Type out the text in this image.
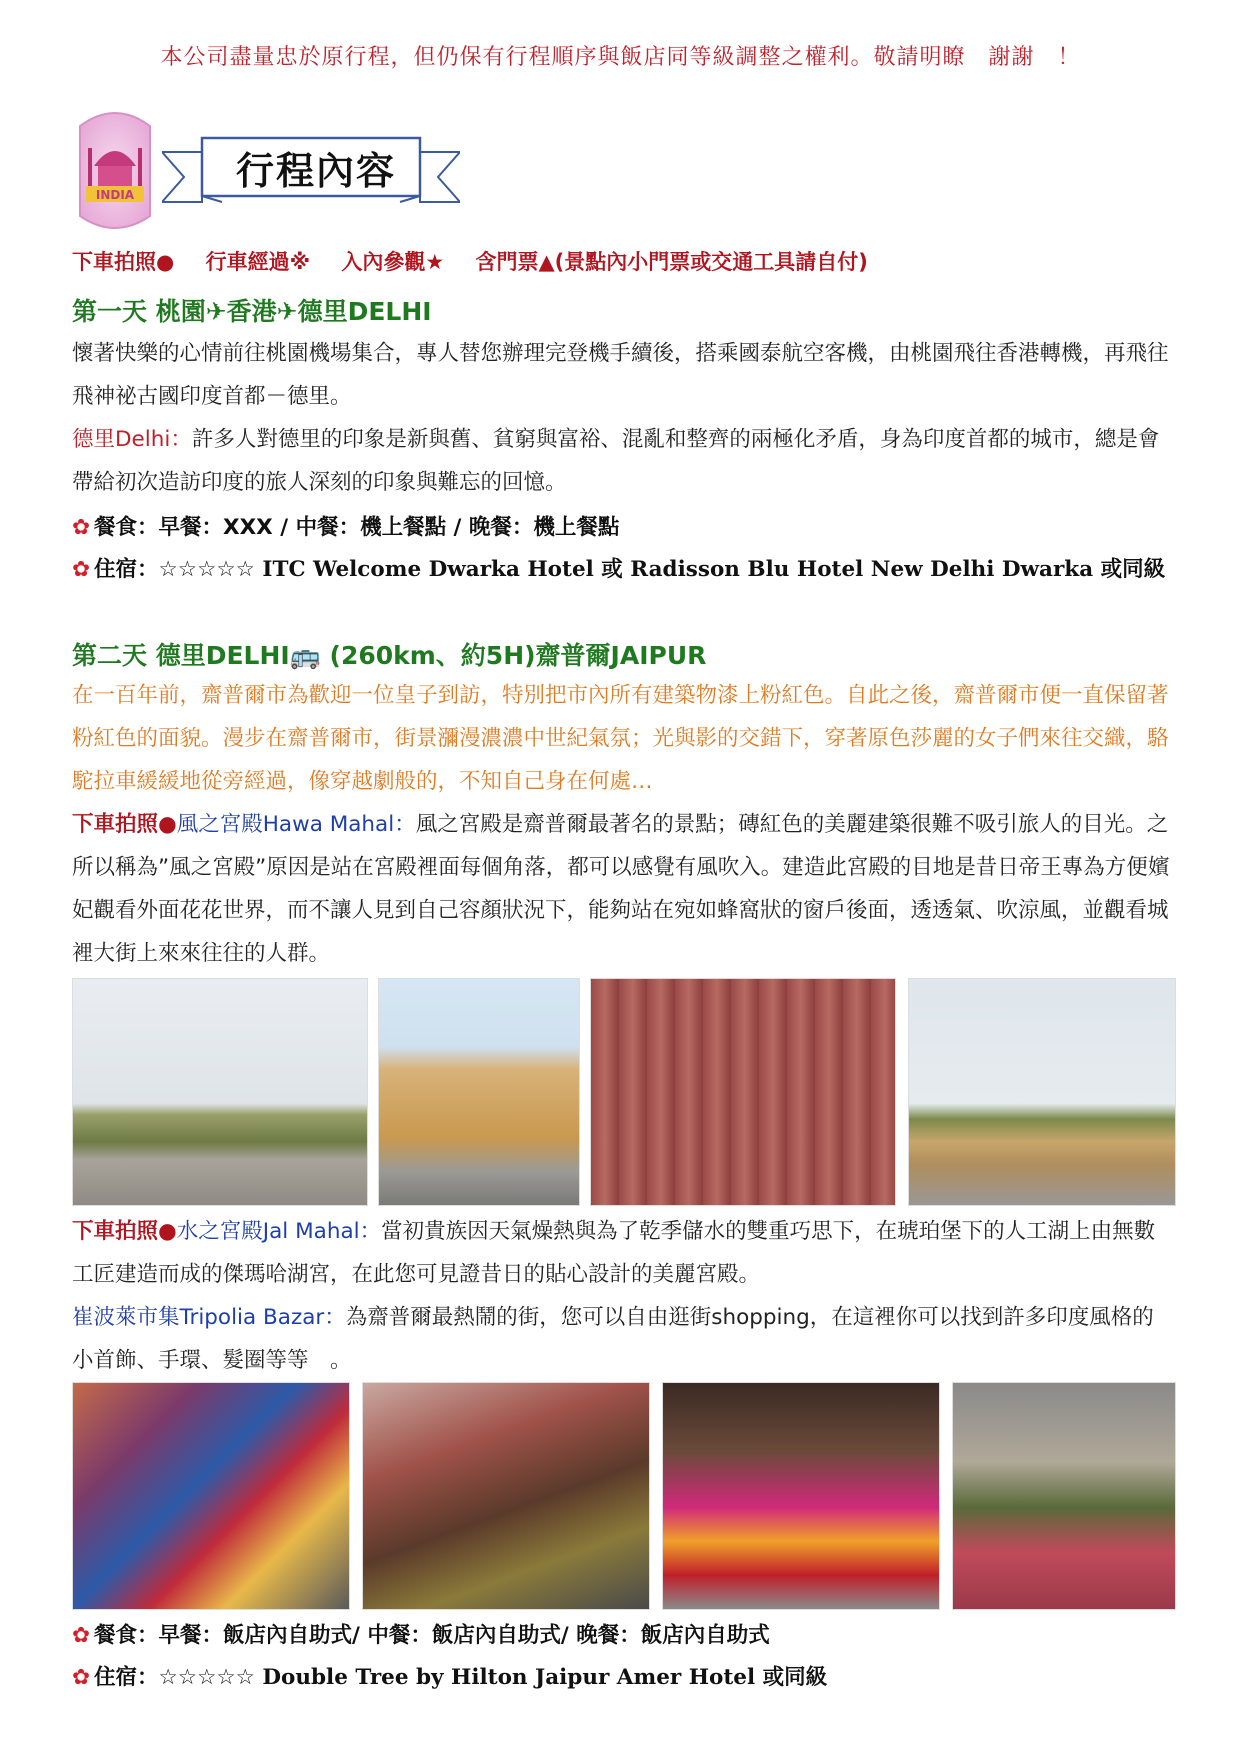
本公司盡量忠於原行程，但仍保有行程順序與飯店同等級調整之權利。敬請明瞭　謝謝　！
INDIA
行程內容
下車拍照● 行車經過※ 入內參觀★ 含門票▲(景點內小門票或交通工具請自付)
第一天 桃園✈香港✈德里DELHI
懷著快樂的心情前往桃園機場集合，專人替您辦理完登機手續後，搭乘國泰航空客機，由桃園飛往香港轉機，再飛往飛神祕古國印度首都－德里。
德里Delhi：許多人對德里的印象是新與舊、貧窮與富裕、混亂和整齊的兩極化矛盾，身為印度首都的城市，總是會帶給初次造訪印度的旅人深刻的印象與難忘的回憶。
✿ 餐食：早餐：XXX / 中餐：機上餐點 / 晚餐：機上餐點
✿ 住宿：☆☆☆☆☆ ITC Welcome Dwarka Hotel 或 Radisson Blu Hotel New Delhi Dwarka 或同級
第二天 德里DELHI🚌 (260km、約5H)齋普爾JAIPUR
在一百年前，齋普爾市為歡迎一位皇子到訪，特別把市內所有建築物漆上粉紅色。自此之後，齋普爾市便一直保留著粉紅色的面貌。漫步在齋普爾市，街景瀰漫濃濃中世紀氣氛；光與影的交錯下，穿著原色莎麗的女子們來往交織，駱駝拉車緩緩地從旁經過，像穿越劇般的，不知自己身在何處…
下車拍照●風之宮殿Hawa Mahal：風之宮殿是齋普爾最著名的景點；磚紅色的美麗建築很難不吸引旅人的目光。之所以稱為”風之宮殿”原因是站在宮殿裡面每個角落，都可以感覺有風吹入。建造此宮殿的目地是昔日帝王專為方便嬪妃觀看外面花花世界，而不讓人見到自己容顏狀況下，能夠站在宛如蜂窩狀的窗戶後面，透透氣、吹涼風，並觀看城裡大街上來來往往的人群。
下車拍照●水之宮殿Jal Mahal：當初貴族因天氣燥熱與為了乾季儲水的雙重巧思下，在琥珀堡下的人工湖上由無數工匠建造而成的傑瑪哈湖宮，在此您可見證昔日的貼心設計的美麗宮殿。
崔波萊市集Tripolia Bazar：為齋普爾最熱鬧的街，您可以自由逛街shopping，在這裡你可以找到許多印度風格的小首飾、手環、髮圈等等　。
✿ 餐食：早餐：飯店內自助式/ 中餐：飯店內自助式/ 晚餐：飯店內自助式
✿ 住宿：☆☆☆☆☆ Double Tree by Hilton Jaipur Amer Hotel 或同級
